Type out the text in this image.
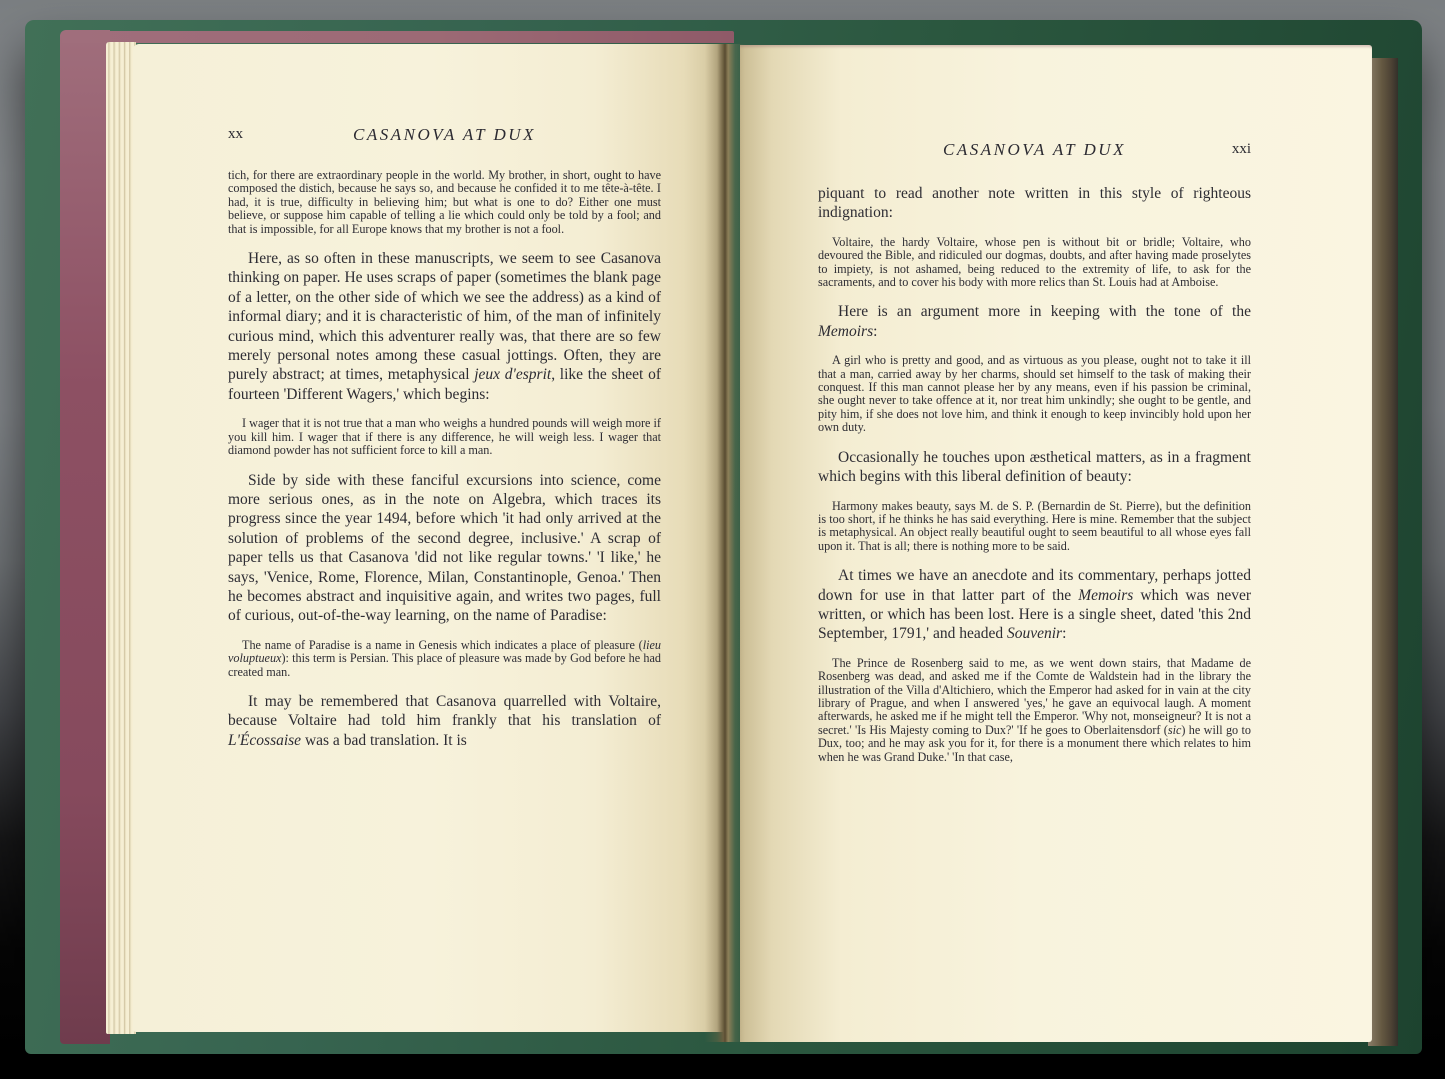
xx	CASANOVA AT DUX

tich, for there are extraordinary people in the world. My brother, in short, ought to have composed the distich, because he says so, and because he confided it to me tête-à-tête. I had, it is true, difficulty in believing him; but what is one to do? Either one must believe, or suppose him capable of telling a lie which could only be told by a fool; and that is impossible, for all Europe knows that my brother is not a fool.

Here, as so often in these manuscripts, we seem to see Casanova thinking on paper. He uses scraps of paper (sometimes the blank page of a letter, on the other side of which we see the address) as a kind of informal diary; and it is characteristic of him, of the man of infinitely curious mind, which this adventurer really was, that there are so few merely personal notes among these casual jottings. Often, they are purely abstract; at times, metaphysical jeux d'esprit, like the sheet of fourteen 'Different Wagers,' which begins:

I wager that it is not true that a man who weighs a hundred pounds will weigh more if you kill him. I wager that if there is any difference, he will weigh less. I wager that diamond powder has not sufficient force to kill a man.

Side by side with these fanciful excursions into science, come more serious ones, as in the note on Algebra, which traces its progress since the year 1494, before which 'it had only arrived at the solution of problems of the second degree, inclusive.' A scrap of paper tells us that Casanova 'did not like regular towns.' 'I like,' he says, 'Venice, Rome, Florence, Milan, Constantinople, Genoa.' Then he becomes abstract and inquisitive again, and writes two pages, full of curious, out-of-the-way learning, on the name of Paradise:

The name of Paradise is a name in Genesis which indicates a place of pleasure (lieu voluptueux): this term is Persian. This place of pleasure was made by God before he had created man.

It may be remembered that Casanova quarrelled with Voltaire, because Voltaire had told him frankly that his translation of L'Écossaise was a bad translation. It is

CASANOVA AT DUX	xxi

piquant to read another note written in this style of righteous indignation:

Voltaire, the hardy Voltaire, whose pen is without bit or bridle; Voltaire, who devoured the Bible, and ridiculed our dogmas, doubts, and after having made proselytes to impiety, is not ashamed, being reduced to the extremity of life, to ask for the sacraments, and to cover his body with more relics than St. Louis had at Amboise.

Here is an argument more in keeping with the tone of the Memoirs:

A girl who is pretty and good, and as virtuous as you please, ought not to take it ill that a man, carried away by her charms, should set himself to the task of making their conquest. If this man cannot please her by any means, even if his passion be criminal, she ought never to take offence at it, nor treat him unkindly; she ought to be gentle, and pity him, if she does not love him, and think it enough to keep invincibly hold upon her own duty.

Occasionally he touches upon æsthetical matters, as in a fragment which begins with this liberal definition of beauty:

Harmony makes beauty, says M. de S. P. (Bernardin de St. Pierre), but the definition is too short, if he thinks he has said everything. Here is mine. Remember that the subject is metaphysical. An object really beautiful ought to seem beautiful to all whose eyes fall upon it. That is all; there is nothing more to be said.

At times we have an anecdote and its commentary, perhaps jotted down for use in that latter part of the Memoirs which was never written, or which has been lost. Here is a single sheet, dated 'this 2nd September, 1791,' and headed Souvenir:

The Prince de Rosenberg said to me, as we went down stairs, that Madame de Rosenberg was dead, and asked me if the Comte de Waldstein had in the library the illustration of the Villa d'Altichiero, which the Emperor had asked for in vain at the city library of Prague, and when I answered 'yes,' he gave an equivocal laugh. A moment afterwards, he asked me if he might tell the Emperor. 'Why not, monseigneur? It is not a secret.' 'Is His Majesty coming to Dux?' 'If he goes to Oberlaitensdorf (sic) he will go to Dux, too; and he may ask you for it, for there is a monument there which relates to him when he was Grand Duke.' 'In that case,
